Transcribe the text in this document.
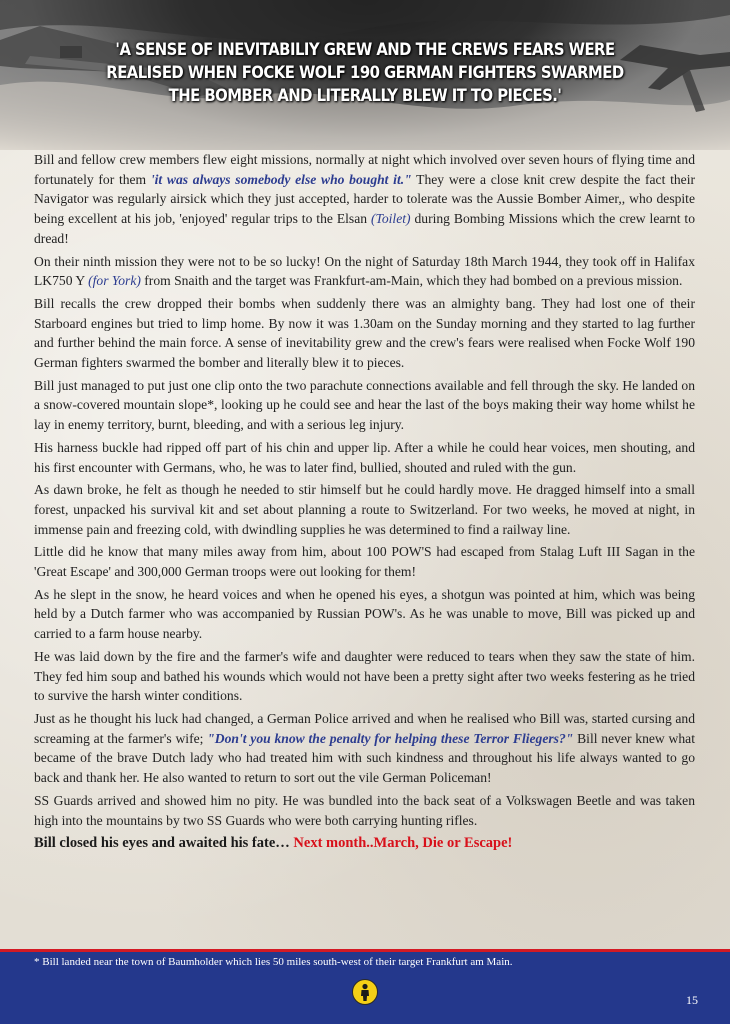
'A SENSE OF INEVITABILIY GREW AND THE CREWS FEARS WERE REALISED WHEN FOCKE WOLF 190 GERMAN FIGHTERS SWARMED THE BOMBER AND LITERALLY BLEW IT TO PIECES.'

Bill and fellow crew members flew eight missions, normally at night which involved over seven hours of flying time and fortunately for them 'it was always somebody else who bought it." They were a close knit crew despite the fact their Navigator was regularly airsick which they just accepted, harder to tolerate was the Aussie Bomber Aimer,, who despite being excellent at his job, 'enjoyed' regular trips to the Elsan (Toilet) during Bombing Missions which the crew learnt to dread!

On their ninth mission they were not to be so lucky! On the night of Saturday 18th March 1944, they took off in Halifax LK750 Y (for York) from Snaith and the target was Frankfurt-am-Main, which they had bombed on a previous mission.

Bill recalls the crew dropped their bombs when suddenly there was an almighty bang. They had lost one of their Starboard engines but tried to limp home. By now it was 1.30am on the Sunday morning and they started to lag further and further behind the main force. A sense of inevitability grew and the crew's fears were realised when Focke Wolf 190 German fighters swarmed the bomber and literally blew it to pieces.

Bill just managed to put just one clip onto the two parachute connections available and fell through the sky. He landed on a snow-covered mountain slope*, looking up he could see and hear the last of the boys making their way home whilst he lay in enemy territory, burnt, bleeding, and with a serious leg injury.

His harness buckle had ripped off part of his chin and upper lip. After a while he could hear voices, men shouting, and his first encounter with Germans, who, he was to later find, bullied, shouted and ruled with the gun.

As dawn broke, he felt as though he needed to stir himself but he could hardly move. He dragged himself into a small forest, unpacked his survival kit and set about planning a route to Switzerland. For two weeks, he moved at night, in immense pain and freezing cold, with dwindling supplies he was determined to find a railway line.

Little did he know that many miles away from him, about 100 POW'S had escaped from Stalag Luft III Sagan in the 'Great Escape' and 300,000 German troops were out looking for them!

As he slept in the snow, he heard voices and when he opened his eyes, a shotgun was pointed at him, which was being held by a Dutch farmer who was accompanied by Russian POW's. As he was unable to move, Bill was picked up and carried to a farm house nearby.

He was laid down by the fire and the farmer's wife and daughter were reduced to tears when they saw the state of him. They fed him soup and bathed his wounds which would not have been a pretty sight after two weeks festering as he tried to survive the harsh winter conditions.

Just as he thought his luck had changed, a German Police arrived and when he realised who Bill was, started cursing and screaming at the farmer's wife; "Don't you know the penalty for helping these Terror Fliegers?" Bill never knew what became of the brave Dutch lady who had treated him with such kindness and throughout his life always wanted to go back and thank her. He also wanted to return to sort out the vile German Policeman!

SS Guards arrived and showed him no pity. He was bundled into the back seat of a Volkswagen Beetle and was taken high into the mountains by two SS Guards who were both carrying hunting rifles.

Bill closed his eyes and awaited his fate… Next month..March, Die or Escape!

* Bill landed near the town of Baumholder which lies 50 miles south-west of their target Frankfurt am Main.
15
